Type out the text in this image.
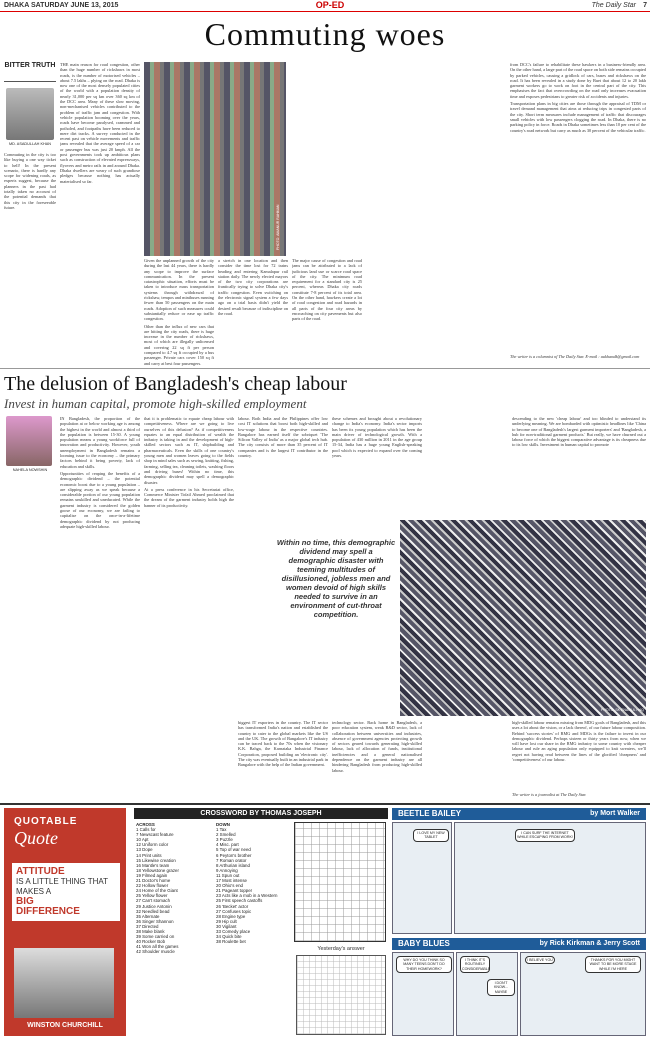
DHAKA SATURDAY JUNE 13, 2015	OP-ED	The Daily Star 7
Commuting woes
BITTER TRUTH
MD. ASADULLAH KHAN

THE main reason for road congestion, other than the huge number of rickshaws in most roads, is the number of motorised vehicles – about 7.5 lakhs – plying on the road. Dhaka is now one of the most densely populated cities of the world with a population density of nearly 31,000 per sq km over 360 sq km of the DCC area. Many of these slow moving, non-mechanised vehicles contributed to the problem of traffic jam and congestion. With vehicle population booming over the years, roads have become paralysed, crammed and potholed, and footpaths have been reduced to mere dirt tracks. A survey conducted in the recent past on vehicle movements and traffic jams revealed that the average speed of a car or passenger bus was just 20 kmph. All the post governments took up ambitious plans such as construction of elevated expressways, flyovers and metro rails in and around Dhaka. Dhaka dwellers are weary of such grandiose pledges because nothing has actually materialised so far.

Commuting in the city is too like buying a one way ticket to hell! In the present scenario, there is hardly any scope for widening roads, as experts suggest, because the planners in the past had totally taken no account of the potential demands that this city in the foreseeable future.	PHOTO: AMANUR RAHMAN

Given the unplanned growth of the city during the last 44 years, there is hardly any scope to improve the surface communication. In the present catastrophic situation, efforts must be taken to introduce mass transportation systems through withdrawal of rickshaw, tempos and minibuses running fewer than 50 passengers on the main roads. Adoption of such measures could substantially reduce or ease up traffic congestion.

Other than the influx of new cars that are hitting the city roads, there is huge increase in the number of rickshaws, most of which are illegally unlicensed and covering 22 sq ft per person compared to 4.7 sq ft occupied by a bus passenger. Private cars cover 150 sq ft and carry at best four passengers.

a stretch in one location and then consider the time lost for 72 trains heading and entering Kamalapur rail station daily. The newly elected mayors of the two city corporations are frantically trying to solve Dhaka city's traffic congestion. Even switching on the electronic signal system a few days ago on a trial basis didn't yield the desired result because of indiscipline on the road.

The major cause of congestion and road jams can be attributed to a lack of judicious land use or scarce road space of the city. The minimum road requirement for a standard city is 25 percent, whereas Dhaka city roads constitute 7-8 percent of its total area. On the other hand, hawkers create a lot of road congestion and road hazards in all parts of the four city areas by encroaching on city pavements but also parts of the road.

from DCC's failure to rehabilitate these hawkers in a business-friendly area. On the other hand, a large part of the road space on both side remains occupied by parked vehicles, causing a gridlock of cars, buses and rickshaws on the road. It has been revealed in a study done by Buet that about 12 to 20 lakh garment workers go to work on foot in the central part of the city. This emphasises the fact that overcrowding on the road only increases evacuation time and exposes pedestrians to greater risk of accidents and injuries.

Transportation plans in big cities are those through the appraisal of TDM or travel demand management that aims at reducing trips in congested parts of the city. Short term measures include management of traffic that discourages small vehicles with low passengers clogging the road. In Dhaka, there is no parking policy in force. Roads in Dhaka sometimes less than 10 per cent of the country's road network but carry as much as 30 percent of the vehicular traffic.

The writer is a columnist of The Daily Star. E-mail : aukhandk@gmail.com
The delusion of Bangladesh's cheap labour
Invest in human capital, promote high-skilled employment
NAHELA NOWSHIN

IN Bangladesh, the proportion of the population at or below working age is among the highest in the world and almost a third of the population is between 15-30. A young population means a young workforce full of innovation and productivity. However, youth unemployment in Bangladesh remains a looming issue to the economy – the primary factors behind it being poverty, lack of education and skills.

Opportunities of reaping the benefits of a demographic dividend – the potential economic boost due to a young population – are slipping away as we speak because a considerable portion of our young population remains unskilled and uneducated. While the garment industry is considered the golden goose of our economy, we are failing to capitalise on the once-in-a-lifetime demographic dividend by not producing adequate high-skilled labour.

that it is problematic to equate cheap labour with competitiveness. Where are we going to live ourselves of this delusion? As if competitiveness equates to an equal distribution of wealth the industry is taking in and the development of high-skilled sectors such as IT, shipbuilding and pharmaceuticals. Even the skills of one country's young men and women leaves going to the fields shop in mind sales such as sewing, knitting, fishing, farming, selling tea, cleaning toilets, washing floors and driving buses! Within no time, this demographic dividend may spell a demographic disaster.

At a press conference in his Secretariat office, Commerce Minister Tofail Ahmed proclaimed that the dream of the garment industry holds high the banner of its productivity.

labour. Both India and the Philippines offer low cost IT solutions that boost both high-skilled and low-wage labour in the respective countries. Bangalore has earned itself the sobriquet 'The Silicon Valley of India' as a major global tech hub. The city consists of more than 35 percent of IT companies and is the largest IT contributor in the country.

these schemes and brought about a revolutionary change to India's economy. India's sector imports has been its young population which has been the main driver of technological growth. With a population of 430 million in 2011 in the age group 15-34, India has a huge young English-speaking pool which is expected to expand over the coming years.

descending to the new 'cheap labour' and too blinded to understand its underlying meaning. We are bombarded with optimistic headlines like 'China to become one of Bangladesh's largest garment importers' and 'Bangladesh, a hub for non-traditional garment products.' But really, we have churned out a labour force of which the biggest comparative advantage is its cheapness due to its low skills. Investment in human capital to promote

PHOTO: SK ENAMUL HAQ
Within no time, this demographic dividend may spell a demographic disaster with teeming multitudes of disillusioned, jobless men and women devoid of high skills needed to survive in an environment of cut-throat competition.

biggest IT exporters in the country. The IT sector has transformed India's nation and established the country to cater to the global markets like the US and the UK. The growth of Bangalore's IT industry can be traced back to the 70s when the visionary K.K. Bahga, the Karnataka Industrial Finance Corporation, proposed building an 'electronic city'. The city was eventually built in an industrial park in Bangalore with the help of the Indian government.

technology sector. Back home in Bangladesh, a poor education system, weak R&D sector, lack of collaboration between universities and industries, absence of government agencies protecting growth of sectors geared towards generating high-skilled labour, lack of allocation of funds, institutional inefficiencies and a general nationalised dependence on the garment industry are all hindering Bangladesh from producing high-skilled labour.

high-skilled labour remains missing from MDG goals of Bangladesh, and this uses a lot about the vision, or a lack thereof, of our future labour composition. Behind 'success stories' of RMG and MDGs is the failure to invest in our demographic dividend. Perhaps sixteen or thirty years from now, when we will have lost our share in the RMG industry to some country with cheaper labour and rule an aging population only equipped to knit sweaters, we'll regret not having read between the lines of the glorified 'cheapness' and 'competitiveness' of our labour.

The writer is a journalist at The Daily Star.
QUOTABLE
Quote
ATTITUDE
IS A LITTLE THING THAT MAKES A
BIG
DIFFERENCE
WINSTON CHURCHILL
CROSSWORD BY THOMAS JOSEPH
ACROSS
1 Calls for
7 Newscast feature
10 Apt
12 Uniform color
13 Dope
14 Print units
15 Likewise creation
16 Mantle's team
18 Yellowstone grazer
19 Filmed again
21 Doctor's home
22 Hollow flower
24 Home of the Giant
25 Yellow flower
27 Can't stomach
29 Justice Antonin
32 Needled bead
35 Alternate
36 Singer Shannon
37 Directed
38 Make blank
39 Some carried on
40 Rocker Bob
41 Won all the games
42 Shoulder muscle
DOWN
1 Tax
2 Smelled
3 Puzzle
4 Misc. part
5 Top of war need
6 Peyton's brother
7 Roman orator
8 Arthurian island
9 Annoying
11 Spun out
17 Most intense
20 Ohio's end
21 Pageant topper
23 Acts like a mob in a Western
25 First speech castoffs
26 'Becket' actor
27 Confuses topic
28 Engine type
29 Hip cult
30 Vigilant
33 Comedy place
34 Quick bite
38 Roulette bet
Yesterday's answer
BEETLE BAILEY	by Mort Walker
I LOVE MY NEW TABLET
I CAN SURF THE INTERNET WHILE ESCAPING FROM WORK!
BABY BLUES	by Rick Kirkman & Jerry Scott
WHY DO YOU THINK SO MANY TEENS DON'T DO THEIR HOMEWORK?
I THINK IT'S ROUTINELY CONSIDERABLE
I DON'T KNOW... MAYBE
I BELIEVE YOU	THANKS FOR YOU MIGHT WANT TO BE MORE STAGE WHILE I'M HERE
